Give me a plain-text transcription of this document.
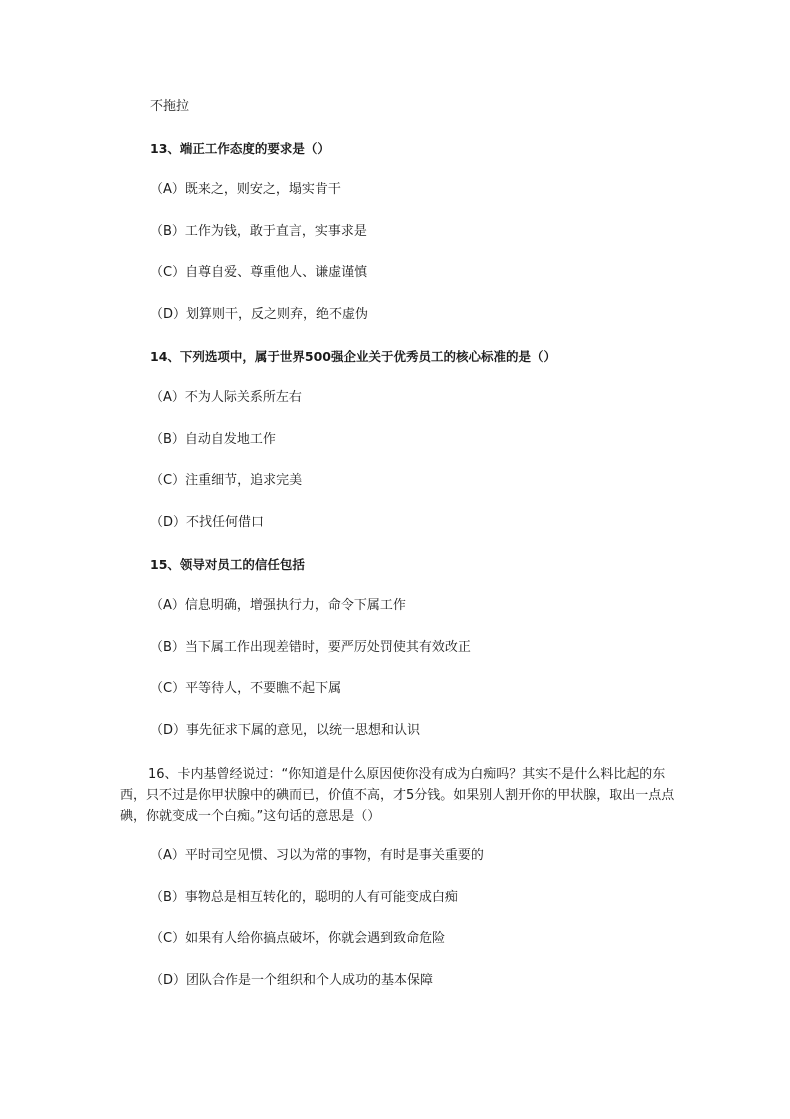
不拖拉
13、端正工作态度的要求是（）
（A）既来之，则安之，塌实肯干
（B）工作为钱，敢于直言，实事求是
（C）自尊自爱、尊重他人、谦虚谨慎
（D）划算则干，反之则弃，绝不虚伪
14、下列选项中，属于世界500强企业关于优秀员工的核心标准的是（）
（A）不为人际关系所左右
（B）自动自发地工作
（C）注重细节，追求完美
（D）不找任何借口
15、领导对员工的信任包括
（A）信息明确，增强执行力，命令下属工作
（B）当下属工作出现差错时，要严厉处罚使其有效改正
（C）平等待人，不要瞧不起下属
（D）事先征求下属的意见，以统一思想和认识
16、卡内基曾经说过：“你知道是什么原因使你没有成为白痴吗？其实不是什么料比起的东西，只不过是你甲状腺中的碘而已，价值不高，才5分钱。如果别人割开你的甲状腺，取出一点点碘，你就变成一个白痴。”这句话的意思是（）
（A）平时司空见惯、习以为常的事物，有时是事关重要的
（B）事物总是相互转化的，聪明的人有可能变成白痴
（C）如果有人给你搞点破坏，你就会遇到致命危险
（D）团队合作是一个组织和个人成功的基本保障
